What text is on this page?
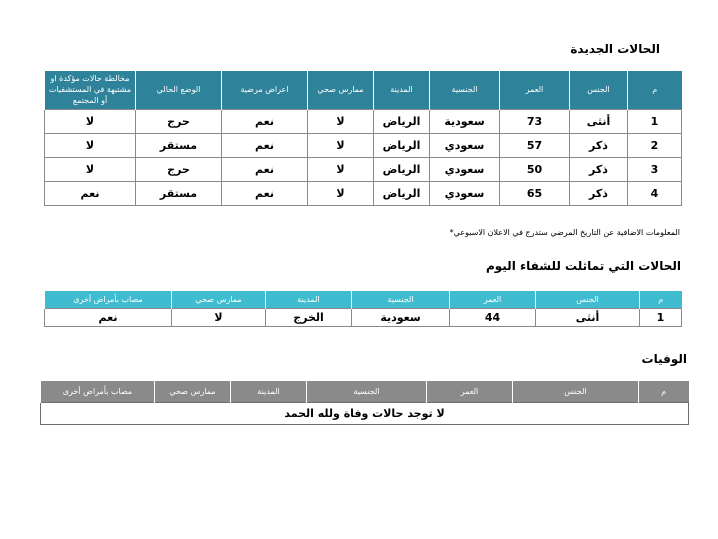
الحالات الجديدة
م	الجنس	العمر	الجنسية	المدينة	ممارس صحي	اعراض مرضية	الوضع الحالي	مخالطة حالات مؤكدة او مشتبهة في المستشفيات أو المجتمع
1	أنثى	73	سعودية	الرياض	لا	نعم	حرج	لا
2	ذكر	57	سعودي	الرياض	لا	نعم	مستقر	لا
3	ذكر	50	سعودي	الرياض	لا	نعم	حرج	لا
4	ذكر	65	سعودي	الرياض	لا	نعم	مستقر	نعم
المعلومات الاضافية عن التاريخ المرضي ستدرج في الاعلان الاسبوعي*
الحالات التي تماثلت للشفاء اليوم
م	الجنس	العمر	الجنسية	المدينة	ممارس صحي	مصاب بأمراض أخرى
1	أنثى	44	سعودية	الخرج	لا	نعم
الوفيات
م	الجنس	العمر	الجنسية	المدينة	ممارس صحي	مصاب بأمراض أخرى
لا توجد حالات وفاة ولله الحمد
